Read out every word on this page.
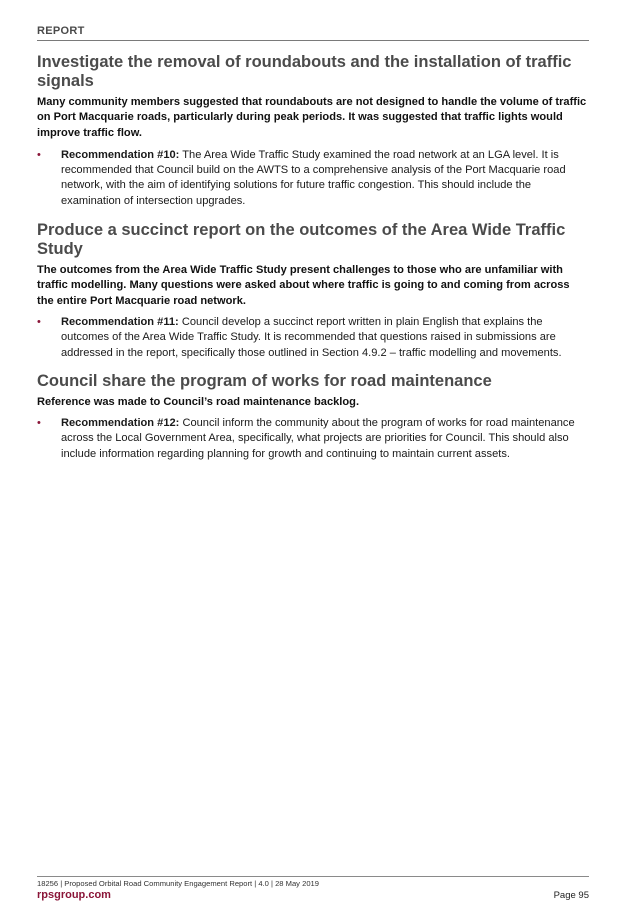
REPORT
Investigate the removal of roundabouts and the installation of traffic signals

Many community members suggested that roundabouts are not designed to handle the volume of traffic on Port Macquarie roads, particularly during peak periods. It was suggested that traffic lights would improve traffic flow.

• Recommendation #10: The Area Wide Traffic Study examined the road network at an LGA level. It is recommended that Council build on the AWTS to a comprehensive analysis of the Port Macquarie road network, with the aim of identifying solutions for future traffic congestion. This should include the examination of intersection upgrades.
Produce a succinct report on the outcomes of the Area Wide Traffic Study

The outcomes from the Area Wide Traffic Study present challenges to those who are unfamiliar with traffic modelling. Many questions were asked about where traffic is going to and coming from across the entire Port Macquarie road network.

• Recommendation #11: Council develop a succinct report written in plain English that explains the outcomes of the Area Wide Traffic Study. It is recommended that questions raised in submissions are addressed in the report, specifically those outlined in Section 4.9.2 – traffic modelling and movements.
Council share the program of works for road maintenance

Reference was made to Council’s road maintenance backlog.

• Recommendation #12: Council inform the community about the program of works for road maintenance across the Local Government Area, specifically, what projects are priorities for Council. This should also include information regarding planning for growth and continuing to maintain current assets.
18256 | Proposed Orbital Road Community Engagement Report | 4.0 | 28 May 2019
rpsgroup.com	Page 95
